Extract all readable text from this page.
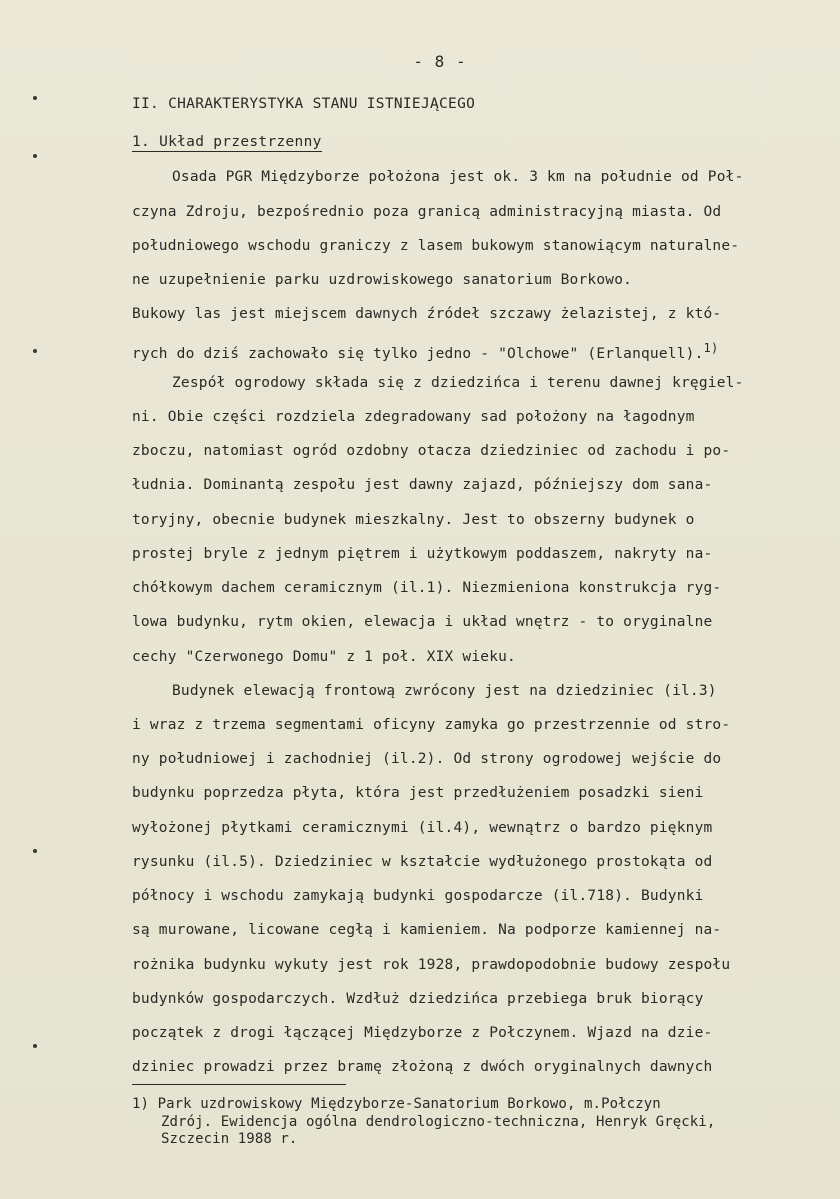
- 8 -
II. CHARAKTERYSTYKA STANU ISTNIEJĄCEGO
1. Układ przestrzenny
Osada PGR Międzyborze położona jest ok. 3 km na południe od Poł-
czyna Zdroju, bezpośrednio poza granicą administracyjną miasta. Od
południowego wschodu graniczy z lasem bukowym stanowiącym naturalne-
ne uzupełnienie parku uzdrowiskowego sanatorium Borkowo.
Bukowy las jest miejscem dawnych źródeł szczawy żelazistej, z któ-
rych do dziś zachowało się tylko jedno - "Olchowe" (Erlanquell).$^{1)}$
Zespół ogrodowy składa się z dziedzińca i terenu dawnej kręgiel-
ni. Obie części rozdziela zdegradowany sad położony na łagodnym
zboczu, natomiast ogród ozdobny otacza dziedziniec od zachodu i po-
łudnia. Dominantą zespołu jest dawny zajazd, późniejszy dom sana-
toryjny, obecnie budynek mieszkalny. Jest to obszerny budynek o
prostej bryle z jednym piętrem i użytkowym poddaszem, nakryty na-
chółkowym dachem ceramicznym (il.1). Niezmieniona konstrukcja ryg-
lowa budynku, rytm okien, elewacja i układ wnętrz - to oryginalne
cechy "Czerwonego Domu" z 1 poł. XIX wieku.
Budynek elewacją frontową zwrócony jest na dziedziniec (il.3)
i wraz z trzema segmentami oficyny zamyka go przestrzennie od stro-
ny południowej i zachodniej (il.2). Od strony ogrodowej wejście do
budynku poprzedza płyta, która jest przedłużeniem posadzki sieni
wyłożonej płytkami ceramicznymi (il.4), wewnątrz o bardzo pięknym
rysunku (il.5). Dziedziniec w kształcie wydłużonego prostokąta od
północy i wschodu zamykają budynki gospodarcze (il.718). Budynki
są murowane, licowane cegłą i kamieniem. Na podporze kamiennej na-
rożnika budynku wykuty jest rok 1928, prawdopodobnie budowy zespołu
budynków gospodarczych. Wzdłuż dziedzińca przebiega bruk biorący
początek z drogi łączącej Międzyborze z Połczynem. Wjazd na dzie-
dziniec prowadzi przez bramę złożoną z dwóch oryginalnych dawnych
1) Park uzdrowiskowy Międzyborze-Sanatorium Borkowo, m.Połczyn
Zdrój. Ewidencja ogólna dendrologiczno-techniczna, Henryk Gręcki,
Szczecin 1988 r.
